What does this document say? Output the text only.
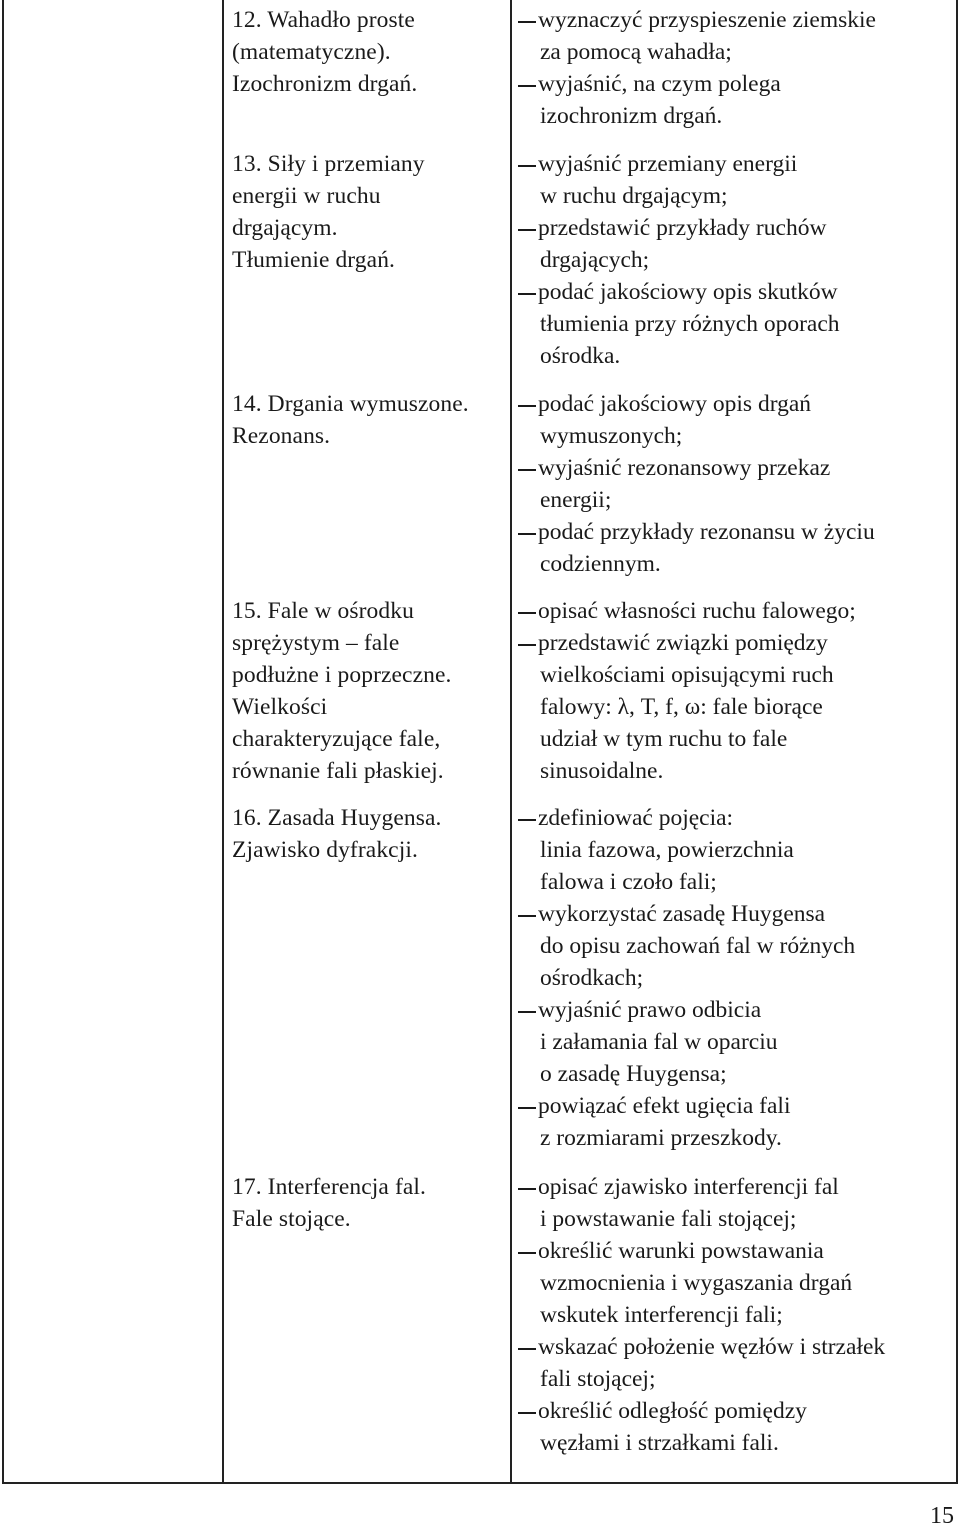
12. Wahadło proste
(matematyczne).
Izochronizm drgań.
wyznaczyć przyspieszenie ziemskie
za pomocą wahadła;
wyjaśnić, na czym polega
izochronizm drgań.
13. Siły i przemiany
energii w ruchu
drgającym.
Tłumienie drgań.
wyjaśnić przemiany energii
w ruchu drgającym;
przedstawić przykłady ruchów
drgających;
podać jakościowy opis skutków
tłumienia przy różnych oporach
ośrodka.
14. Drgania wymuszone.
Rezonans.
podać jakościowy opis drgań
wymuszonych;
wyjaśnić rezonansowy przekaz
energii;
podać przykłady rezonansu w życiu
codziennym.
15. Fale w ośrodku
sprężystym – fale
podłużne i poprzeczne.
Wielkości
charakteryzujące fale,
równanie fali płaskiej.
opisać własności ruchu falowego;
przedstawić związki pomiędzy
wielkościami opisującymi ruch
falowy: λ, T, f, ω: fale biorące
udział w tym ruchu to fale
sinusoidalne.
16. Zasada Huygensa.
Zjawisko dyfrakcji.
zdefiniować pojęcia:
linia fazowa, powierzchnia
falowa i czoło fali;
wykorzystać zasadę Huygensa
do opisu zachowań fal w różnych
ośrodkach;
wyjaśnić prawo odbicia
i załamania fal w oparciu
o zasadę Huygensa;
powiązać efekt ugięcia fali
z rozmiarami przeszkody.
17. Interferencja fal.
Fale stojące.
opisać zjawisko interferencji fal
i powstawanie fali stojącej;
określić warunki powstawania
wzmocnienia i wygaszania drgań
wskutek interferencji fali;
wskazać położenie węzłów i strzałek
fali stojącej;
określić odległość pomiędzy
węzłami i strzałkami fali.
15
